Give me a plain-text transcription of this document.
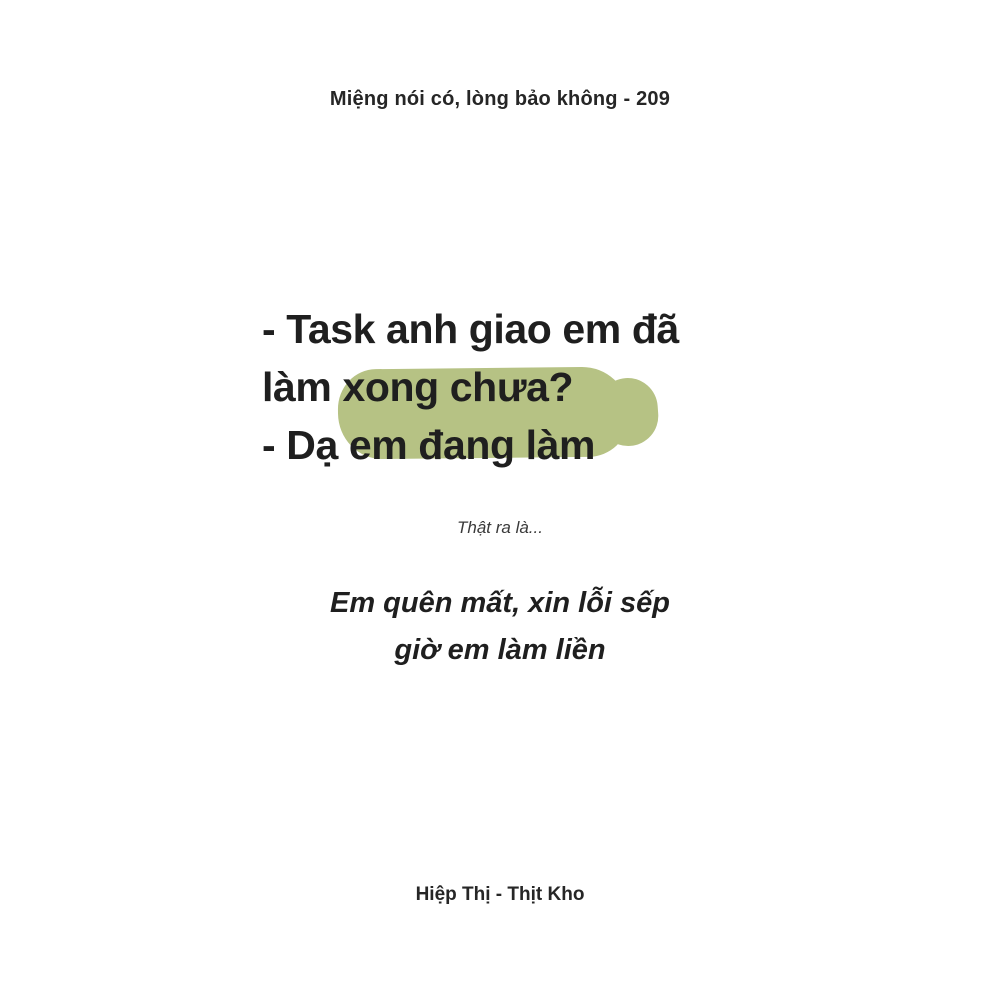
Miệng nói có, lòng bảo không - 209
- Task anh giao em đã
làm xong chưa?
- Dạ em đang làm
Thật ra là...
Em quên mất, xin lỗi sếp
giờ em làm liền
Hiệp Thị - Thịt Kho
